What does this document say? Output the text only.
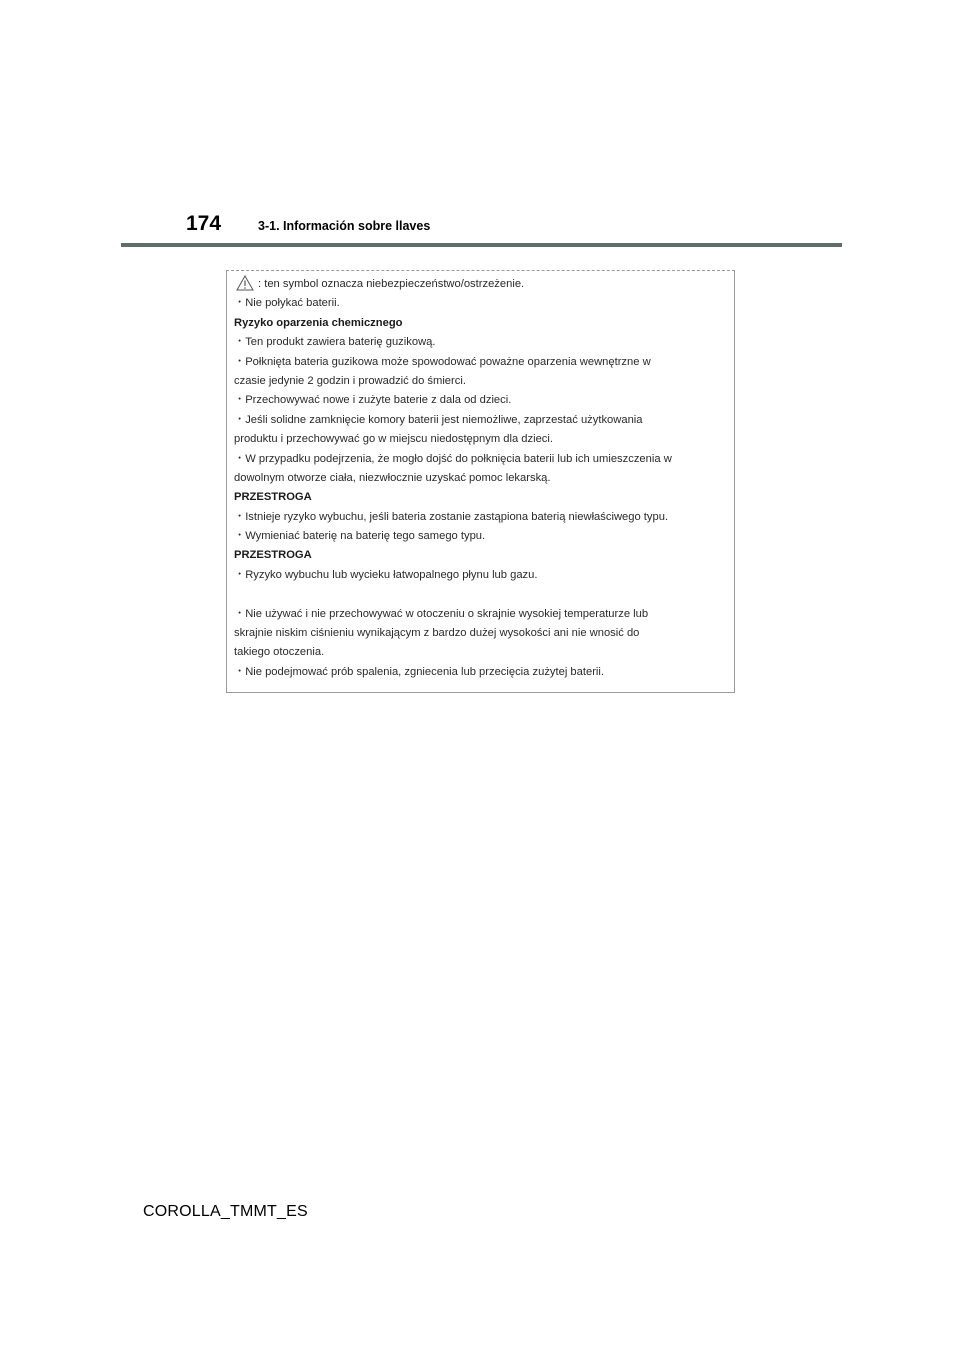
174	3-1. Información sobre llaves
: ten symbol oznacza niebezpieczeństwo/ostrzeżenie.
・Nie połykać baterii.
Ryzyko oparzenia chemicznego
・Ten produkt zawiera baterię guzikową.
・Połknięta bateria guzikowa może spowodować poważne oparzenia wewnętrzne w
czasie jedynie 2 godzin i prowadzić do śmierci.
・Przechowywać nowe i zużyte baterie z dala od dzieci.
・Jeśli solidne zamknięcie komory baterii jest niemożliwe, zaprzestać użytkowania
produktu i przechowywać go w miejscu niedostępnym dla dzieci.
・W przypadku podejrzenia, że mogło dojść do połknięcia baterii lub ich umieszczenia w
dowolnym otworze ciała, niezwłocznie uzyskać pomoc lekarską.
PRZESTROGA
・Istnieje ryzyko wybuchu, jeśli bateria zostanie zastąpiona baterią niewłaściwego typu.
・Wymieniać baterię na baterię tego samego typu.
PRZESTROGA
・Ryzyko wybuchu lub wycieku łatwopalnego płynu lub gazu.
・Nie używać i nie przechowywać w otoczeniu o skrajnie wysokiej temperaturze lub
skrajnie niskim ciśnieniu wynikającym z bardzo dużej wysokości ani nie wnosić do
takiego otoczenia.
・Nie podejmować prób spalenia, zgniecenia lub przecięcia zużytej baterii.
COROLLA_TMMT_ES
